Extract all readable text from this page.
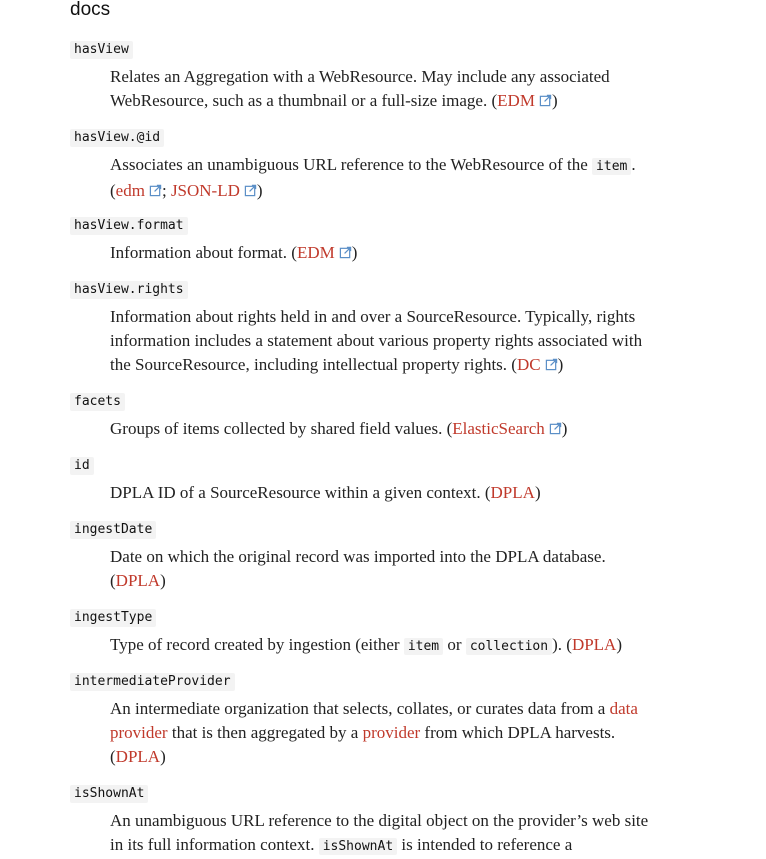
docs
hasView
Relates an Aggregation with a WebResource. May include any associated WebResource, such as a thumbnail or a full-size image. (EDM )
hasView.@id
Associates an unambiguous URL reference to the WebResource of the item . (edm ; JSON-LD )
hasView.format
Information about format. (EDM )
hasView.rights
Information about rights held in and over a SourceResource. Typically, rights information includes a statement about various property rights associated with the SourceResource, including intellectual property rights. (DC )
facets
Groups of items collected by shared field values. (ElasticSearch )
id
DPLA ID of a SourceResource within a given context. (DPLA)
ingestDate
Date on which the original record was imported into the DPLA database. (DPLA)
ingestType
Type of record created by ingestion (either item or collection ). (DPLA)
intermediateProvider
An intermediate organization that selects, collates, or curates data from a data provider that is then aggregated by a provider from which DPLA harvests. (DPLA)
isShownAt
An unambiguous URL reference to the digital object on the provider’s web site in its full information context. isShownAt is intended to reference a
